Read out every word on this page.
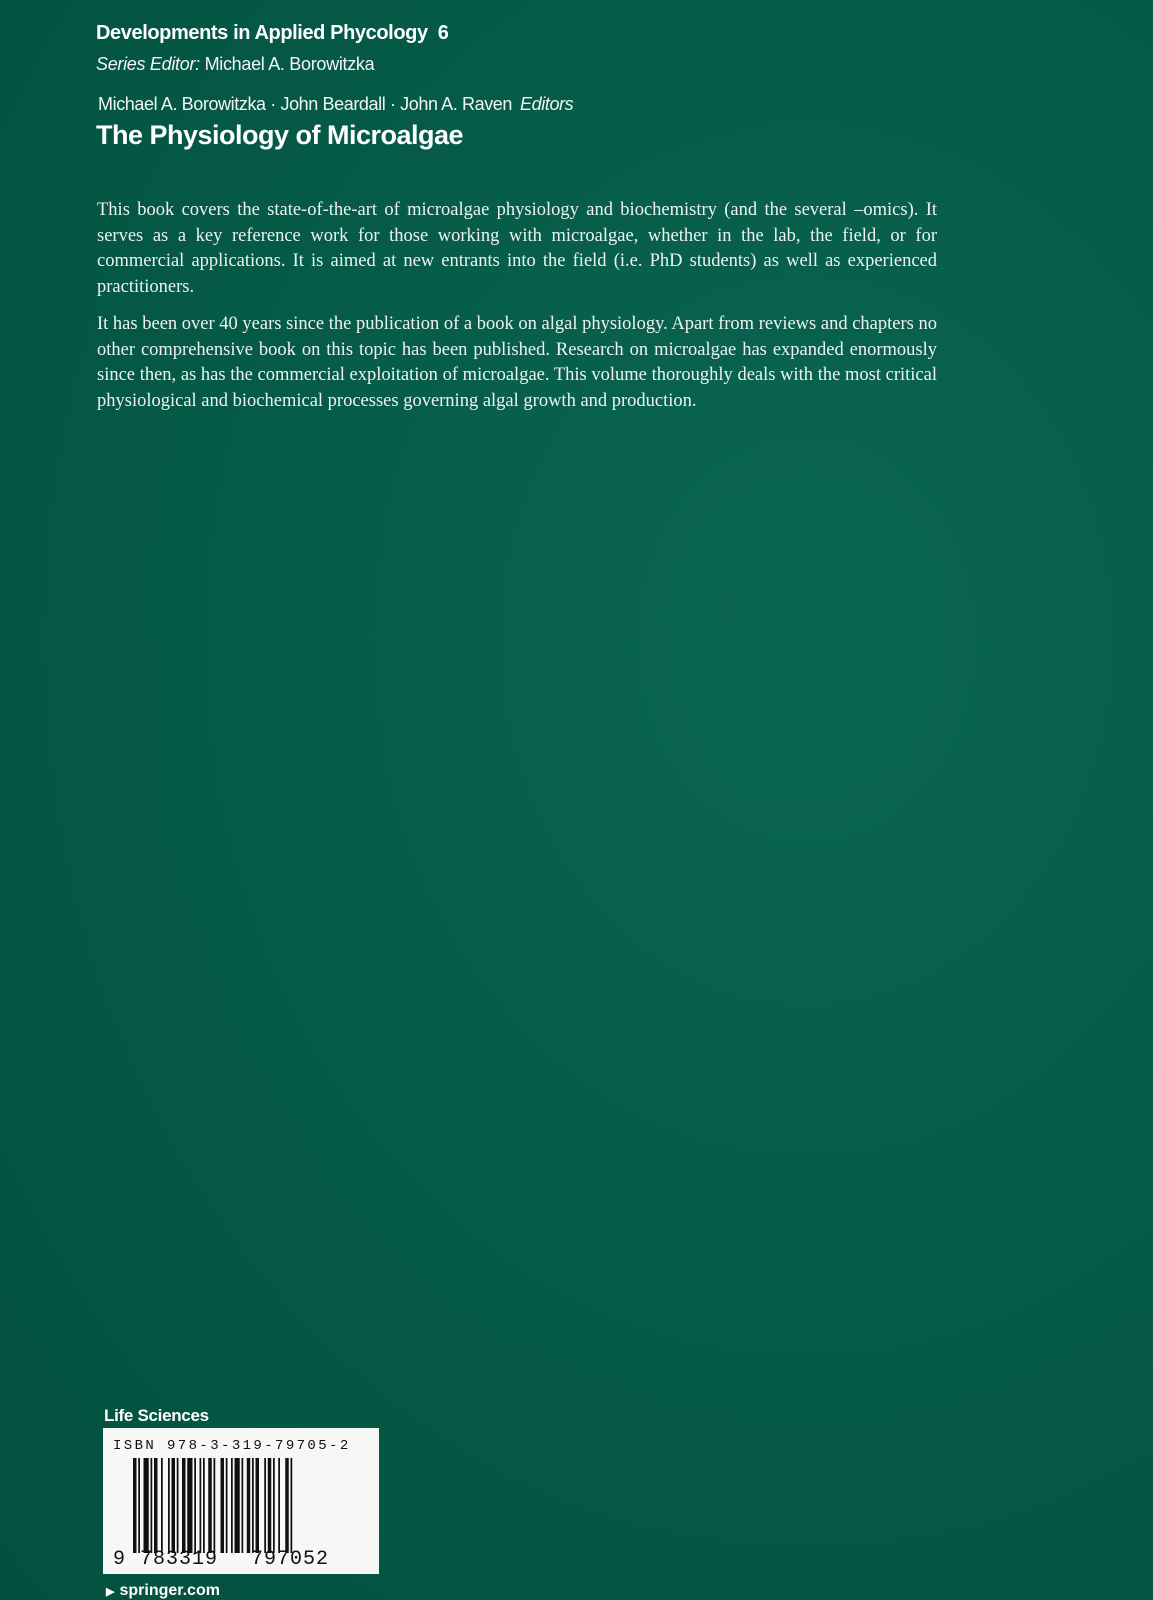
Developments in Applied Phycology 6
Series Editor: Michael A. Borowitzka
Michael A. Borowitzka · John Beardall · John A. Raven Editors
The Physiology of Microalgae

This book covers the state-of-the-art of microalgae physiology and biochemistry (and the several –omics). It serves as a key reference work for those working with microalgae, whether in the lab, the field, or for commercial applications. It is aimed at new entrants into the field (i.e. PhD students) as well as experienced practitioners.

It has been over 40 years since the publication of a book on algal physiology. Apart from reviews and chapters no other comprehensive book on this topic has been published. Research on microalgae has expanded enormously since then, as has the commercial exploitation of microalgae. This volume thoroughly deals with the most critical physiological and biochemical processes governing algal growth and production.

Life Sciences
ISBN 978-3-319-79705-2
9 783319 797052
▶ springer.com
